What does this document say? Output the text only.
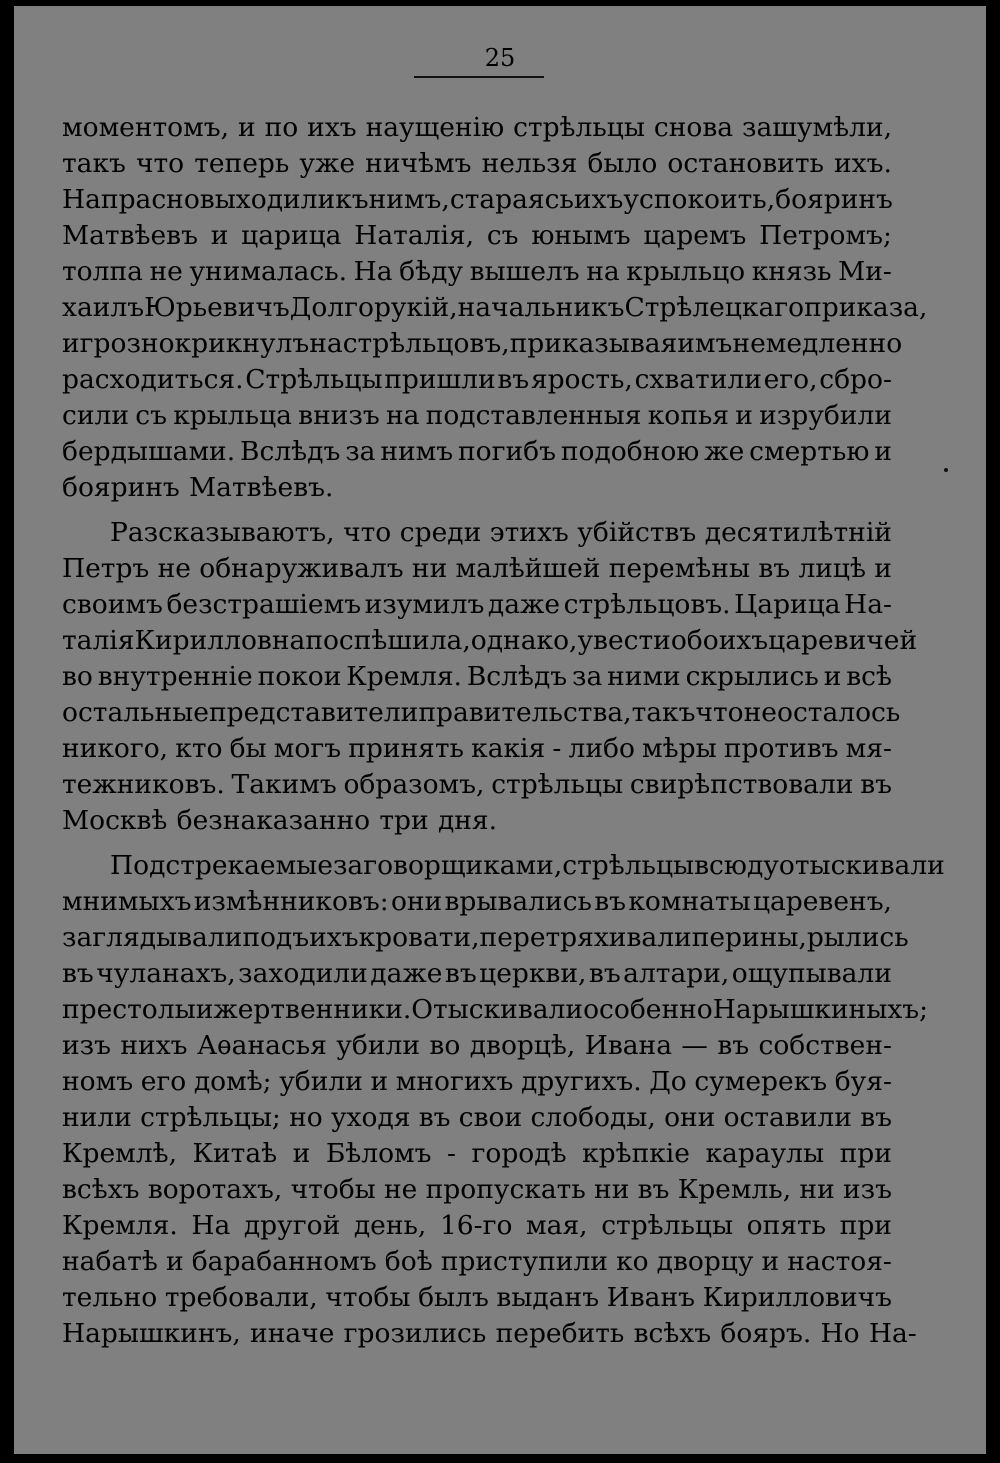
25
моментомъ, и по ихъ наущенію стрѣльцы снова зашумѣли,
такъ что теперь уже ничѣмъ нельзя было остановить ихъ.
Напрасно выходили къ нимъ, стараясь ихъ успокоить, бояринъ
Матвѣевъ и царица Наталія, съ юнымъ царемъ Петромъ;
толпа не унималась. На бѣду вышелъ на крыльцо князь Ми-
хаилъ Юрьевичъ Долгорукій, начальникъ Стрѣлецкаго приказа,
и грозно крикнулъ на стрѣльцовъ, приказывая имъ немедленно
расходиться. Стрѣльцы пришли въ ярость, схватили его, сбро-
сили съ крыльца внизъ на подставленныя копья и изрубили
бердышами. Вслѣдъ за нимъ погибъ подобною же смертью и
бояринъ Матвѣевъ.
Разсказываютъ, что среди этихъ убійствъ десятилѣтній
Петръ не обнаруживалъ ни малѣйшей перемѣны въ лицѣ и
своимъ безстрашіемъ изумилъ даже стрѣльцовъ. Царица На-
талія Кирилловна поспѣшила, однако, увести обоихъ царевичей
во внутренніе покои Кремля. Вслѣдъ за ними скрылись и всѣ
остальные представители правительства, такъ что не осталось
никого, кто бы могъ принять какія - либо мѣры противъ мя-
тежниковъ. Такимъ образомъ, стрѣльцы свирѣпствовали въ
Москвѣ безнаказанно три дня.
Подстрекаемые заговорщиками, стрѣльцы всюду отыскивали
мнимыхъ измѣнниковъ: они врывались въ комнаты царевенъ,
заглядывали подъ ихъ кровати, перетряхивали перины, рылись
въ чуланахъ, заходили даже въ церкви, въ алтари, ощупывали
престолы и жертвенники. Отыскивали особенно Нарышкиныхъ;
изъ нихъ Аѳанасья убили во дворцѣ, Ивана — въ собствен-
номъ его домѣ; убили и многихъ другихъ. До сумерекъ буя-
нили стрѣльцы; но уходя въ свои слободы, они оставили въ
Кремлѣ, Китаѣ и Бѣломъ - городѣ крѣпкіе караулы при
всѣхъ воротахъ, чтобы не пропускать ни въ Кремль, ни изъ
Кремля. На другой день, 16-го мая, стрѣльцы опять при
набатѣ и барабанномъ боѣ приступили ко дворцу и настоя-
тельно требовали, чтобы былъ выданъ Иванъ Кирилловичъ
Нарышкинъ, иначе грозились перебить всѣхъ бояръ. Но На-
